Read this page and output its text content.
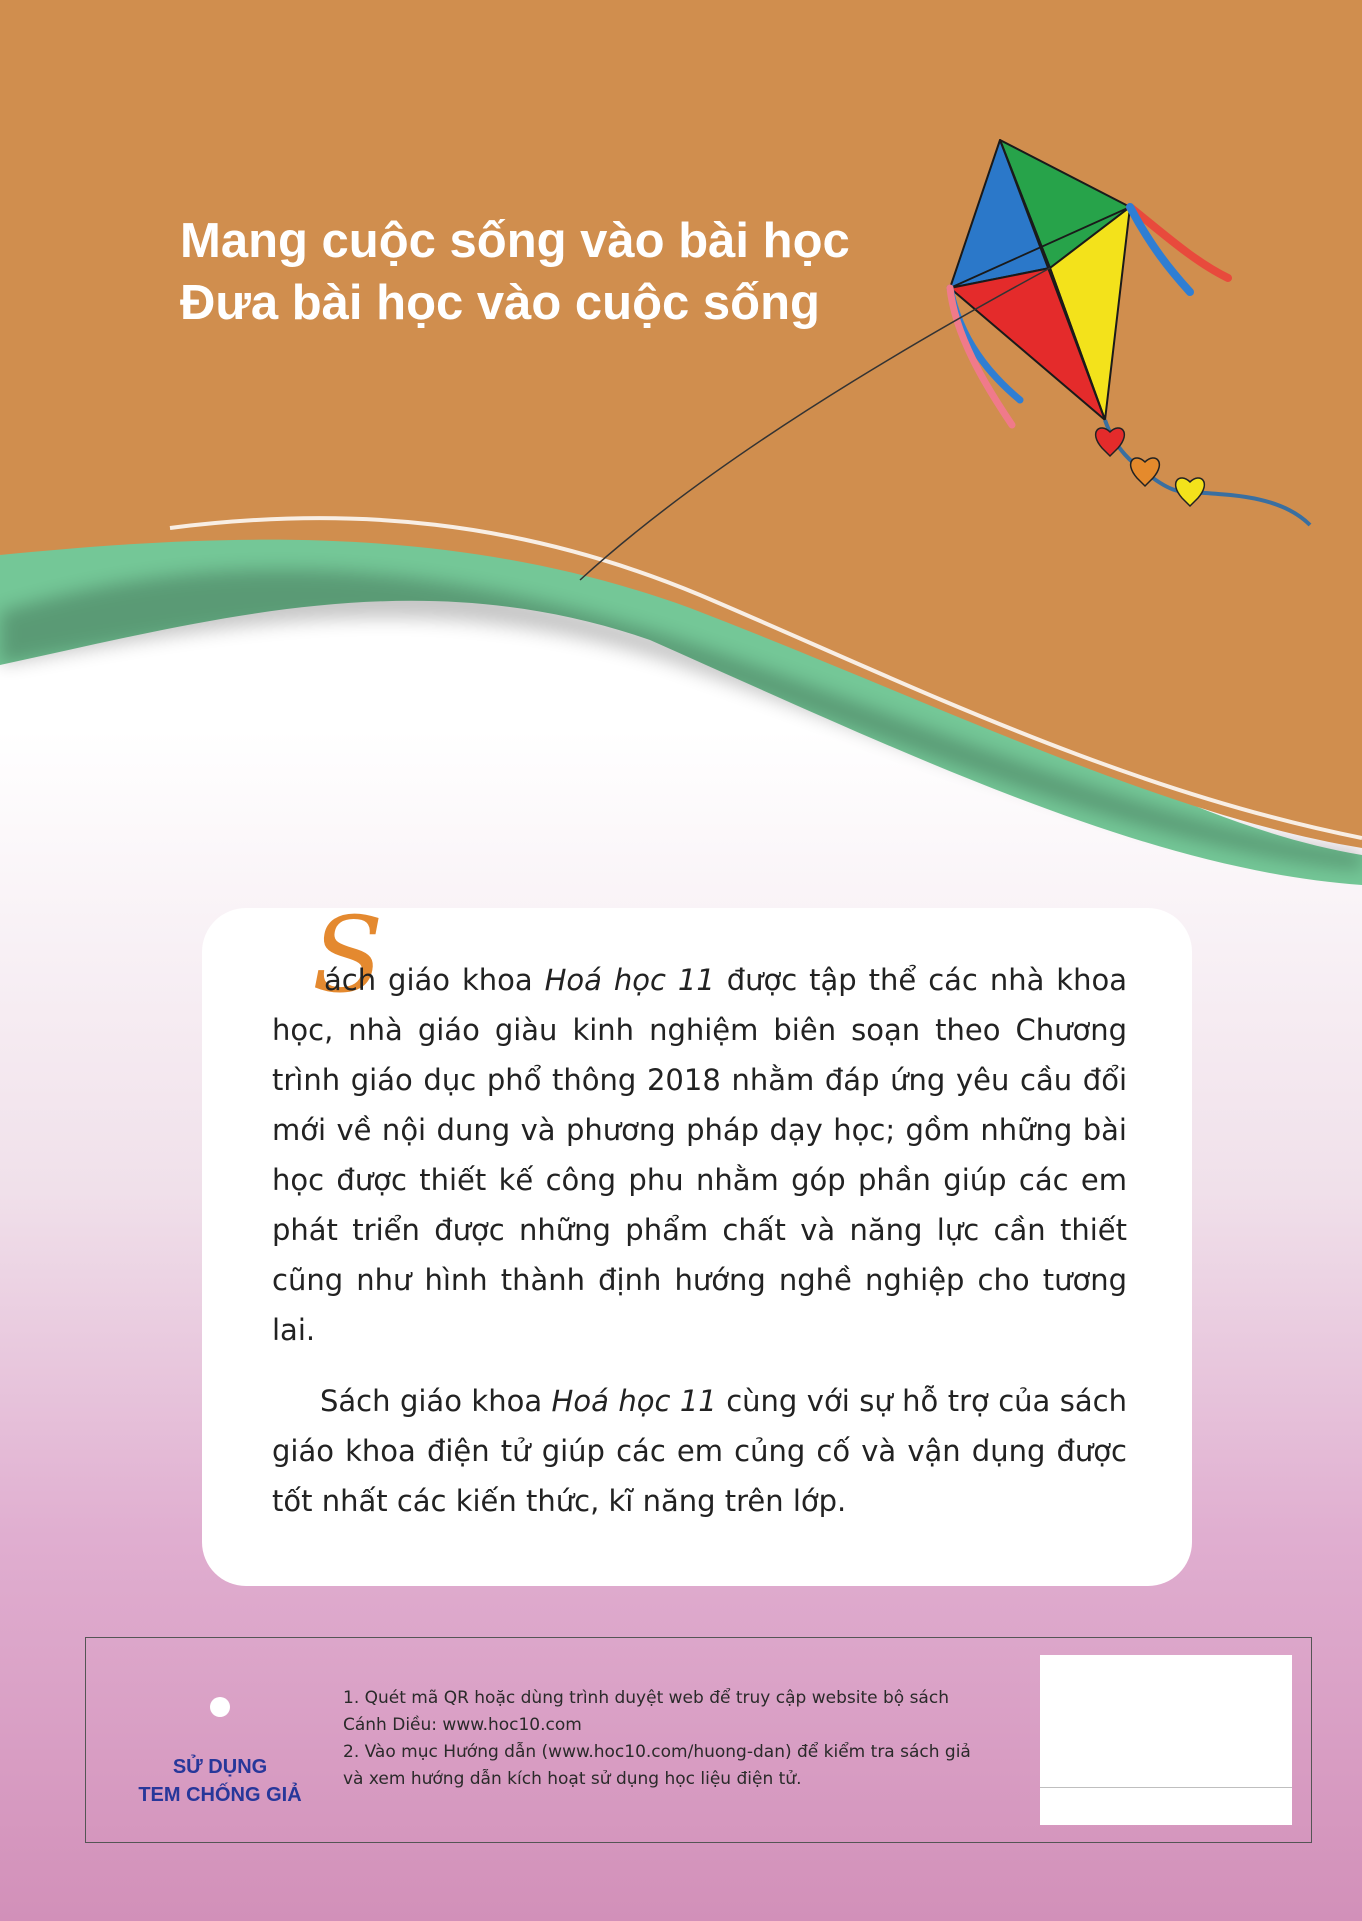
Mang cuộc sống vào bài học
Đưa bài học vào cuộc sống
S

ách giáo khoa Hoá học 11 được tập thể các nhà khoa học, nhà giáo giàu kinh nghiệm biên soạn theo Chương trình giáo dục phổ thông 2018 nhằm đáp ứng yêu cầu đổi mới về nội dung và phương pháp dạy học; gồm những bài học được thiết kế công phu nhằm góp phần giúp các em phát triển được những phẩm chất và năng lực cần thiết cũng như hình thành định hướng nghề nghiệp cho tương lai.

Sách giáo khoa Hoá học 11 cùng với sự hỗ trợ của sách giáo khoa điện tử giúp các em củng cố và vận dụng được tốt nhất các kiến thức, kĩ năng trên lớp.

SỬ DỤNG
TEM CHỐNG GIẢ
1. Quét mã QR hoặc dùng trình duyệt web để truy cập website bộ sách
Cánh Diều: www.hoc10.com
2. Vào mục Hướng dẫn (www.hoc10.com/huong-dan) để kiểm tra sách giả
và xem hướng dẫn kích hoạt sử dụng học liệu điện tử.
